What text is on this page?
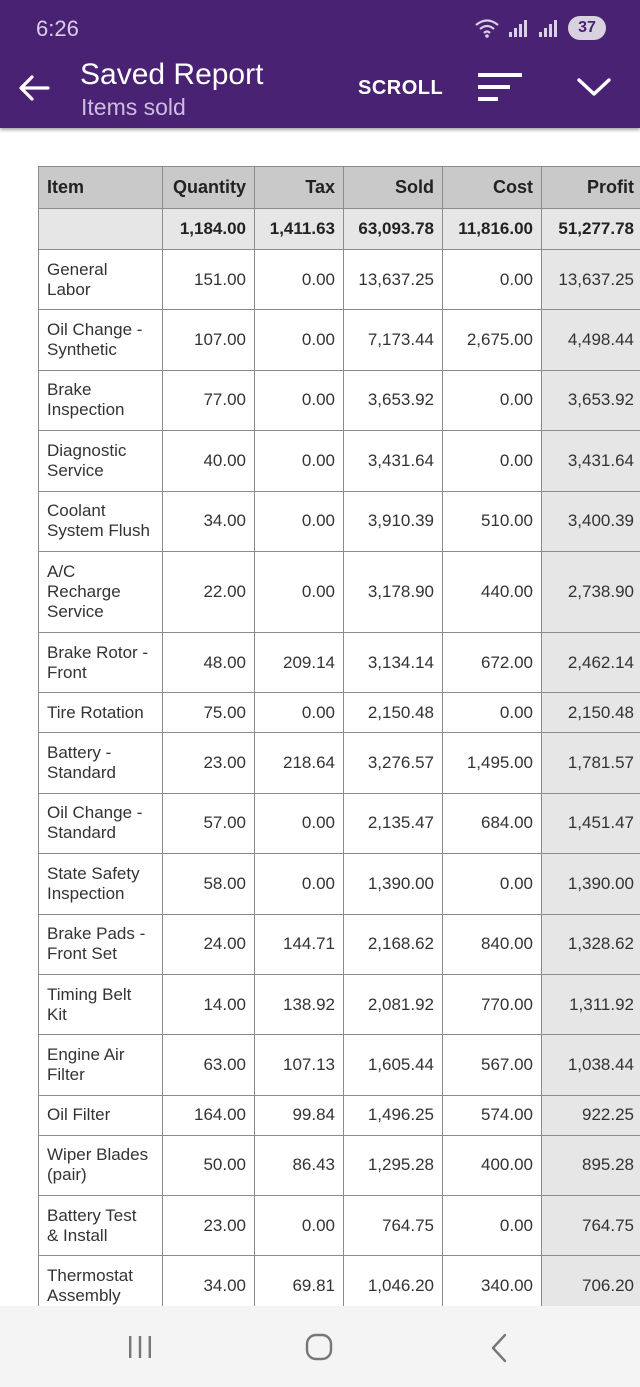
6:26	37
Saved Report
Items sold
SCROLL
Item	Quantity	Tax	Sold	Cost	Profit
	1,184.00	1,411.63	63,093.78	11,816.00	51,277.78
General
Labor	151.00	0.00	13,637.25	0.00	13,637.25
Oil Change -
Synthetic	107.00	0.00	7,173.44	2,675.00	4,498.44
Brake
Inspection	77.00	0.00	3,653.92	0.00	3,653.92
Diagnostic
Service	40.00	0.00	3,431.64	0.00	3,431.64
Coolant
System Flush	34.00	0.00	3,910.39	510.00	3,400.39
A/C
Recharge
Service	22.00	0.00	3,178.90	440.00	2,738.90
Brake Rotor -
Front	48.00	209.14	3,134.14	672.00	2,462.14
Tire Rotation	75.00	0.00	2,150.48	0.00	2,150.48
Battery -
Standard	23.00	218.64	3,276.57	1,495.00	1,781.57
Oil Change -
Standard	57.00	0.00	2,135.47	684.00	1,451.47
State Safety
Inspection	58.00	0.00	1,390.00	0.00	1,390.00
Brake Pads -
Front Set	24.00	144.71	2,168.62	840.00	1,328.62
Timing Belt
Kit	14.00	138.92	2,081.92	770.00	1,311.92
Engine Air
Filter	63.00	107.13	1,605.44	567.00	1,038.44
Oil Filter	164.00	99.84	1,496.25	574.00	922.25
Wiper Blades
(pair)	50.00	86.43	1,295.28	400.00	895.28
Battery Test
& Install	23.00	0.00	764.75	0.00	764.75
Thermostat
Assembly	34.00	69.81	1,046.20	340.00	706.20
